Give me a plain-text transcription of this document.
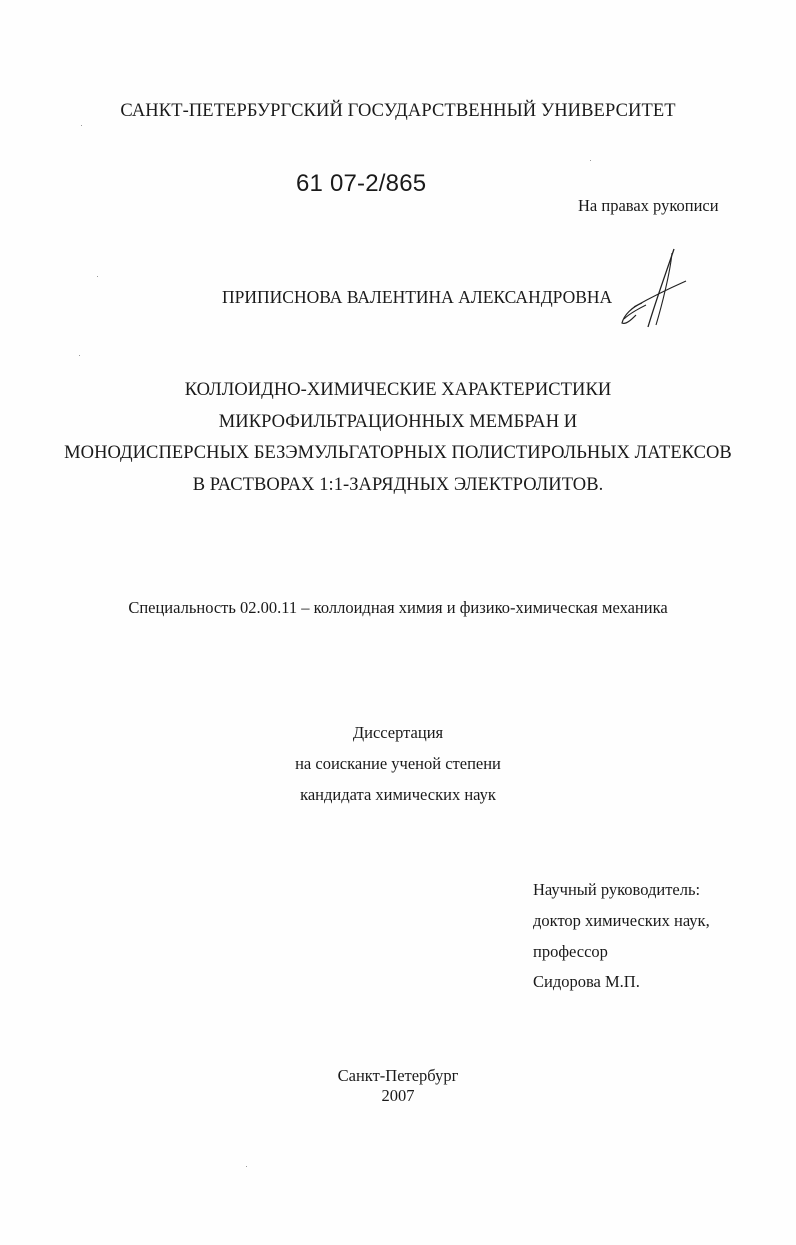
САНКТ-ПЕТЕРБУРГСКИЙ ГОСУДАРСТВЕННЫЙ УНИВЕРСИТЕТ
61 07-2/865
На правах рукописи
ПРИПИСНОВА ВАЛЕНТИНА АЛЕКСАНДРОВНА
КОЛЛОИДНО-ХИМИЧЕСКИЕ ХАРАКТЕРИСТИКИ
МИКРОФИЛЬТРАЦИОННЫХ МЕМБРАН И
МОНОДИСПЕРСНЫХ БЕЗЭМУЛЬГАТОРНЫХ ПОЛИСТИРОЛЬНЫХ ЛАТЕКСОВ
В РАСТВОРАХ 1:1-ЗАРЯДНЫХ ЭЛЕКТРОЛИТОВ.
Специальность 02.00.11 – коллоидная химия и физико-химическая механика
Диссертация
на соискание ученой степени
кандидата химических наук
Научный руководитель:
доктор химических наук,
профессор
Сидорова М.П.
Санкт-Петербург
2007
